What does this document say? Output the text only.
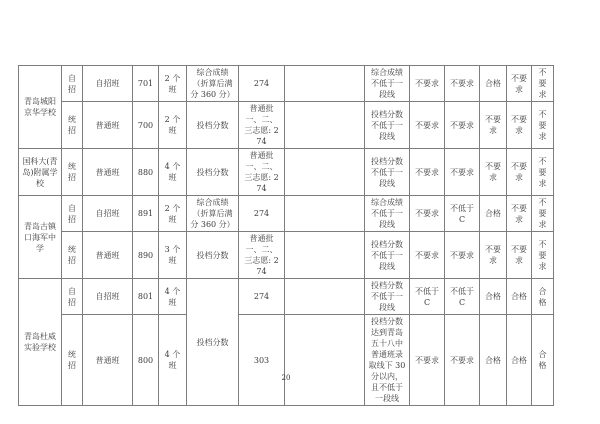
青岛城阳京华学校	自招	自招班	701	2 个班	综合成绩（折算后满分 360 分）	274		综合成绩不低于一段线	不要求	不要求	合格	不要求	不要求
	统招	普通班	700	2 个班	投档分数	普通批一、二、三志愿: 274		投档分数不低于一段线	不要求	不要求	不要求	不要求	不要求
国科大(青岛)附属学校	统招	普通班	880	4 个班	投档分数	普通批一、二、三志愿: 274		投档分数不低于一段线	不要求	不要求	不要求	不要求	不要求
青岛古镇口海军中学	自招	自招班	891	2 个班	综合成绩（折算后满分 360 分）	274		综合成绩不低于一段线	不要求	不低于 C	合格	不要求	不要求
	统招	普通班	890	3 个班	投档分数	普通批一、二、三志愿: 274		投档分数不低于一段线	不要求	不要求	不要求	不要求	不要求
青岛杜威实验学校	自招	自招班	801	4 个班	投档分数	274		投档分数不低于一段线	不低于 C	不低于 C	合格	合格	合格
	统招	普通班	800	4 个班		303		投档分数达到青岛五十八中普通班录取线下 30 分以内，且不低于一段线	不要求	不要求	合格	合格	合格
20
